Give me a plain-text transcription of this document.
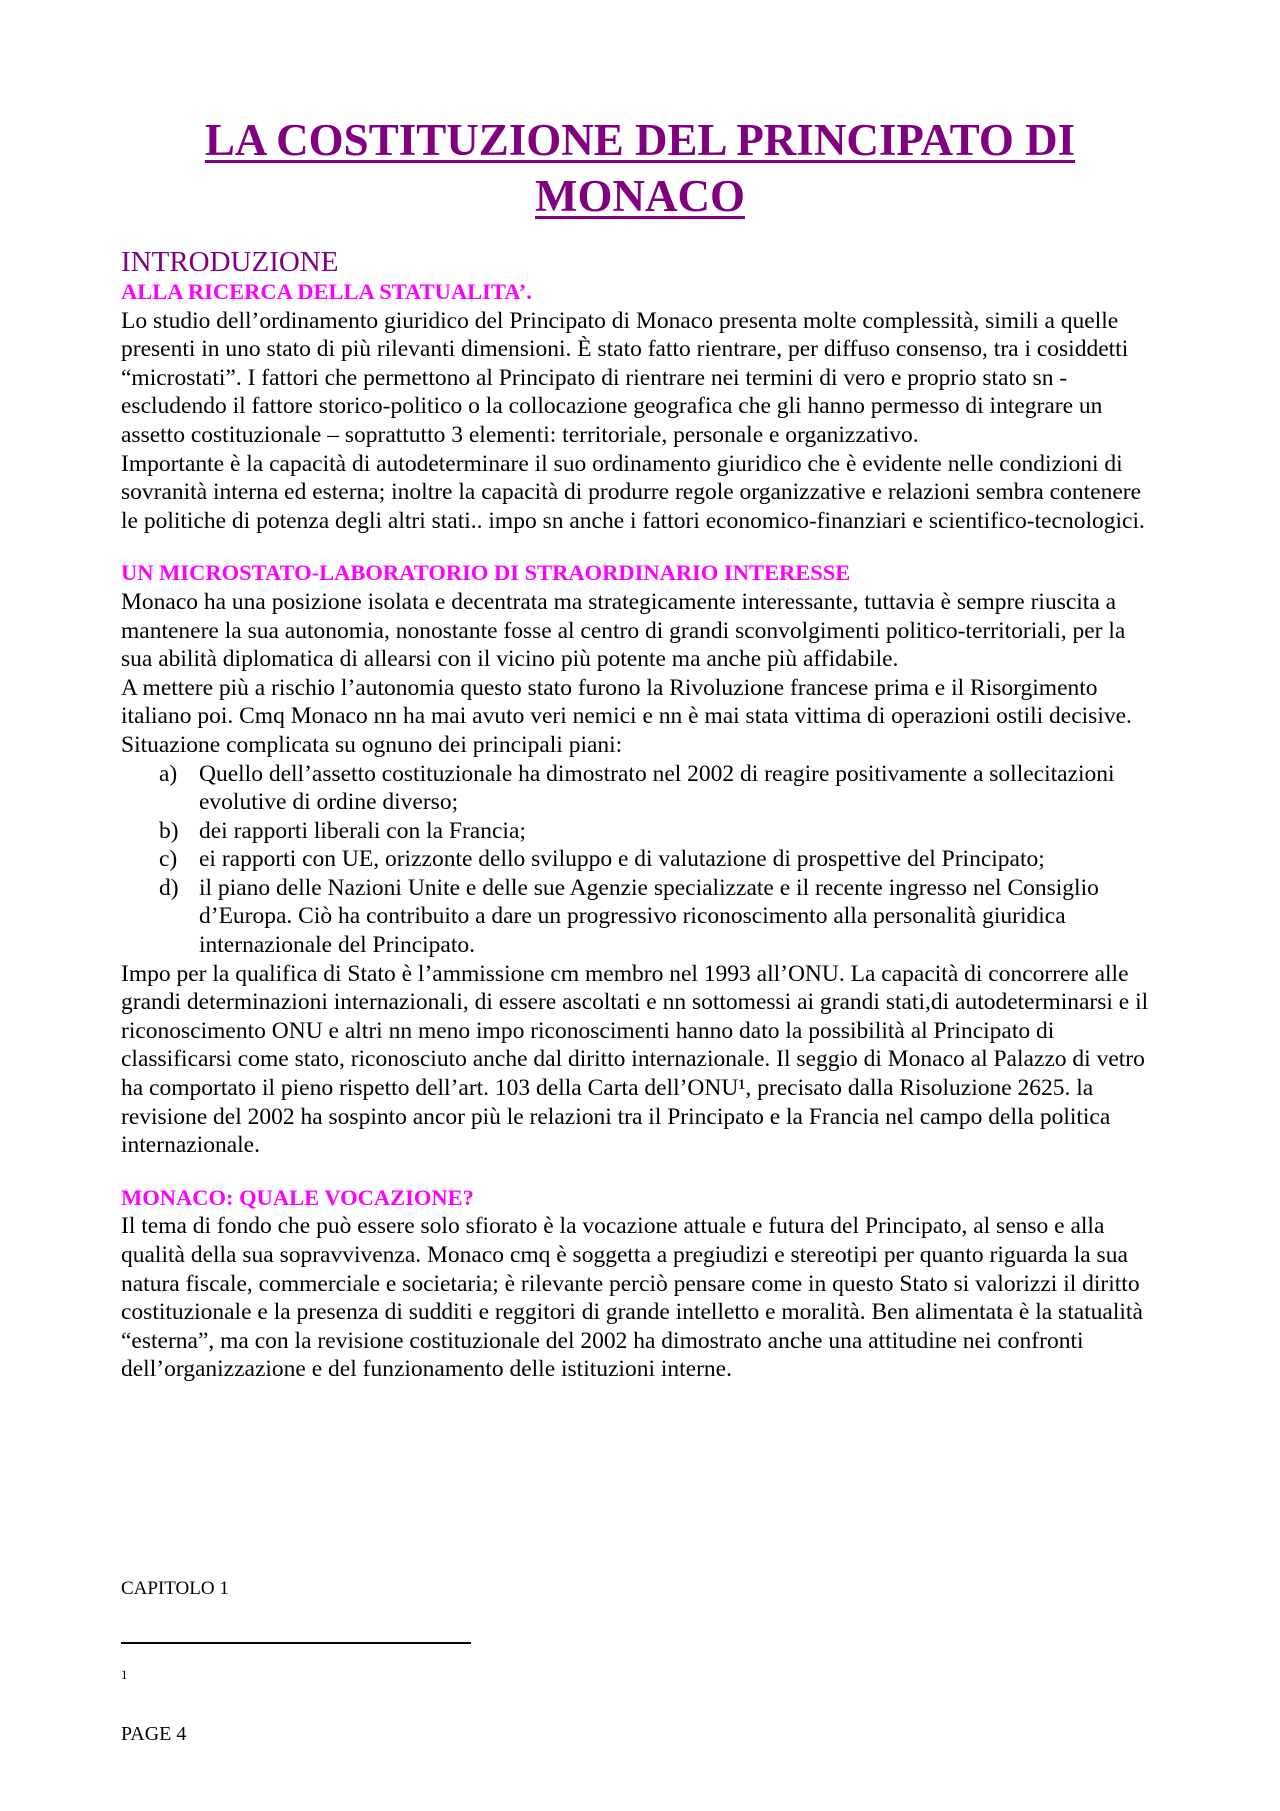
LA COSTITUZIONE DEL PRINCIPATO DI
MONACO
INTRODUZIONE
ALLA RICERCA DELLA STATUALITA’.

Lo studio dell’ordinamento giuridico del Principato di Monaco presenta molte complessità, simili a quelle presenti in uno stato di più rilevanti dimensioni. È stato fatto rientrare, per diffuso consenso, tra i cosiddetti “microstati”. I fattori che permettono al Principato di rientrare nei termini di vero e proprio stato sn - escludendo il fattore storico-politico o la collocazione geografica che gli hanno permesso di integrare un assetto costituzionale – soprattutto 3 elementi: territoriale, personale e organizzativo.

Importante è la capacità di autodeterminare il suo ordinamento giuridico che è evidente nelle condizioni di sovranità interna ed esterna; inoltre la capacità di produrre regole organizzative e relazioni sembra contenere le politiche di potenza degli altri stati.. impo sn anche i fattori economico-finanziari e scientifico-tecnologici.

UN MICROSTATO-LABORATORIO DI STRAORDINARIO INTERESSE

Monaco ha una posizione isolata e decentrata ma strategicamente interessante, tuttavia è sempre riuscita a mantenere la sua autonomia, nonostante fosse al centro di grandi sconvolgimenti politico-territoriali, per la sua abilità diplomatica di allearsi con il vicino più potente ma anche più affidabile.

A mettere più a rischio l’autonomia questo stato furono la Rivoluzione francese prima e il Risorgimento italiano poi. Cmq Monaco nn ha mai avuto veri nemici e nn è mai stata vittima di operazioni ostili decisive.

Situazione complicata su ognuno dei principali piani:

a) Quello dell’assetto costituzionale ha dimostrato nel 2002 di reagire positivamente a sollecitazioni evolutive di ordine diverso;
b) dei rapporti liberali con la Francia;
c) ei rapporti con UE, orizzonte dello sviluppo e di valutazione di prospettive del Principato;
d) il piano delle Nazioni Unite e delle sue Agenzie specializzate e il recente ingresso nel Consiglio d’Europa. Ciò ha contribuito a dare un progressivo riconoscimento alla personalità giuridica internazionale del Principato.

Impo per la qualifica di Stato è l’ammissione cm membro nel 1993 all’ONU. La capacità di concorrere alle grandi determinazioni internazionali, di essere ascoltati e nn sottomessi ai grandi stati,di autodeterminarsi e il riconoscimento ONU e altri nn meno impo riconoscimenti hanno dato la possibilità al Principato di classificarsi come stato, riconosciuto anche dal diritto internazionale. Il seggio di Monaco al Palazzo di vetro ha comportato il pieno rispetto dell’art. 103 della Carta dell’ONU¹, precisato dalla Risoluzione 2625. la revisione del 2002 ha sospinto ancor più le relazioni tra il Principato e la Francia nel campo della politica internazionale.

MONACO: QUALE VOCAZIONE?

Il tema di fondo che può essere solo sfiorato è la vocazione attuale e futura del Principato, al senso e alla qualità della sua sopravvivenza. Monaco cmq è soggetta a pregiudizi e stereotipi per quanto riguarda la sua natura fiscale, commerciale e societaria; è rilevante perciò pensare come in questo Stato si valorizzi il diritto costituzionale e la presenza di sudditi e reggitori di grande intelletto e moralità. Ben alimentata è la statualità “esterna”, ma con la revisione costituzionale del 2002 ha dimostrato anche una attitudine nei confronti dell’organizzazione e del funzionamento delle istituzioni interne.

CAPITOLO 1
1
PAGE 4
